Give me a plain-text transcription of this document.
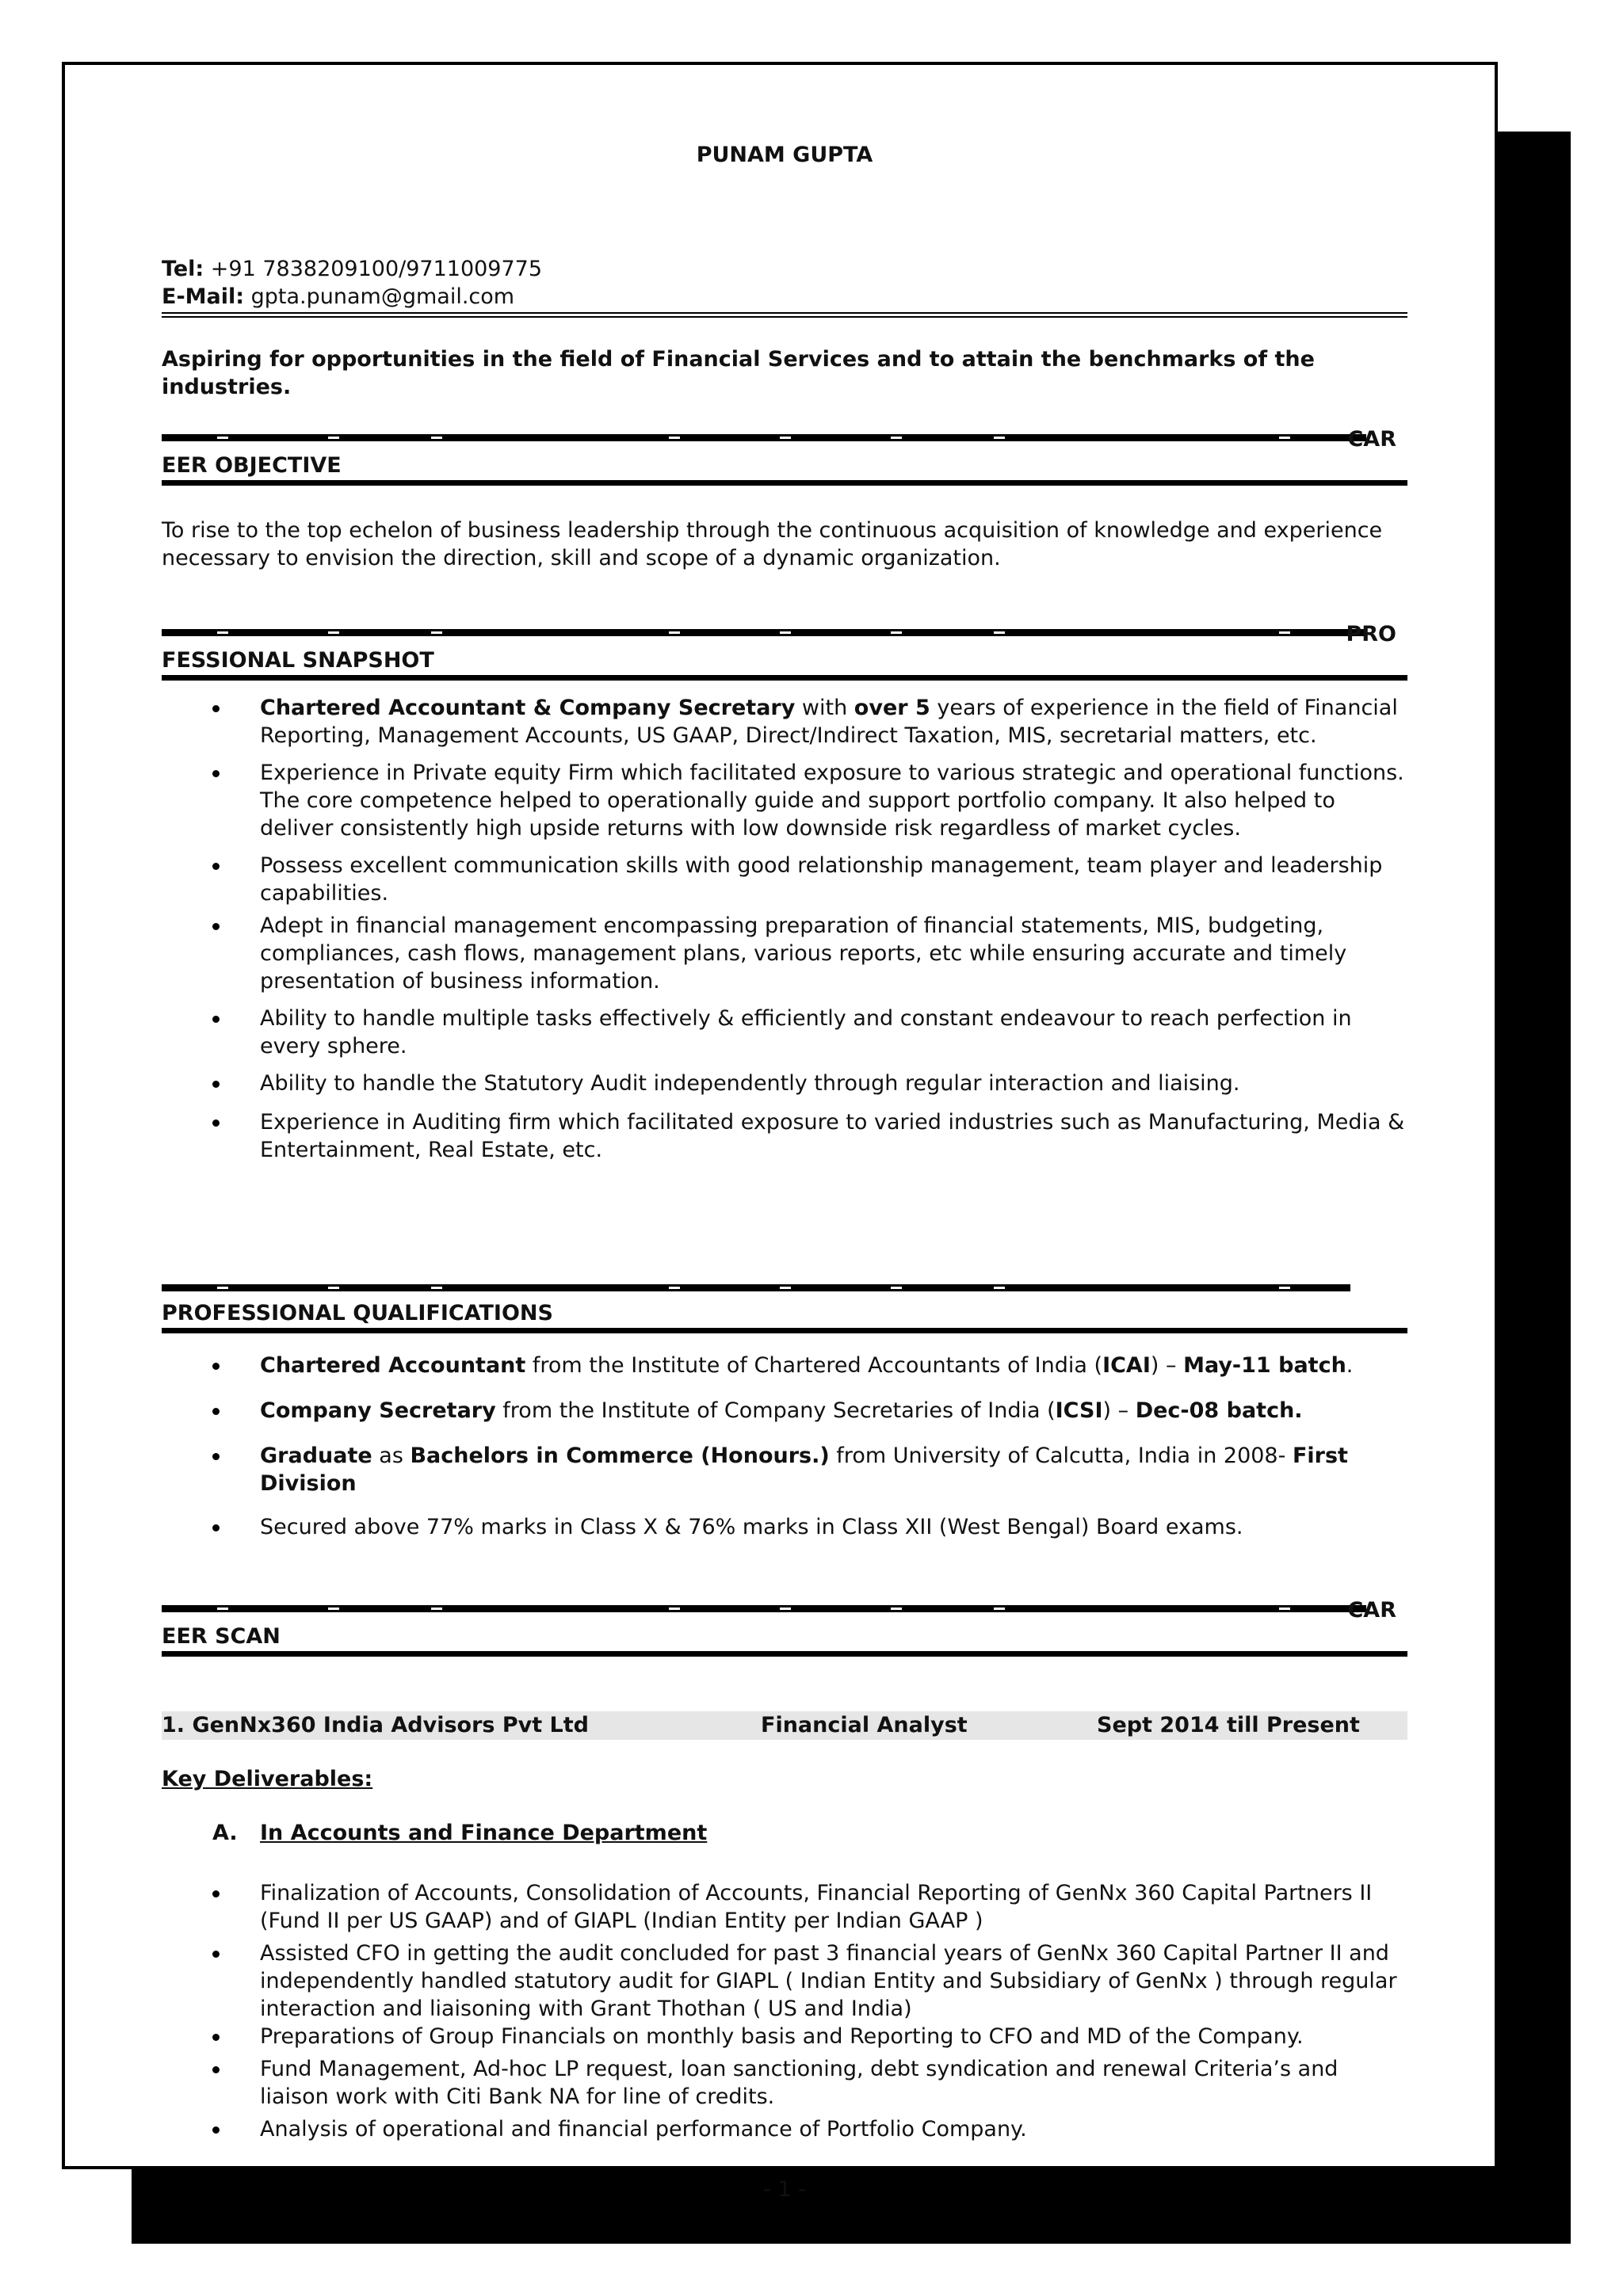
PUNAM GUPTA
Tel: +91 7838209100/9711009775
E-Mail: gpta.punam@gmail.com
Aspiring for opportunities in the field of Financial Services and to attain the benchmarks of the industries.
CAR
EER OBJECTIVE
To rise to the top echelon of business leadership through the continuous acquisition of knowledge and experience necessary to envision the direction, skill and scope of a dynamic organization.
PRO
FESSIONAL SNAPSHOT
Chartered Accountant & Company Secretary with over 5 years of experience in the field of Financial Reporting, Management Accounts, US GAAP, Direct/Indirect Taxation, MIS, secretarial matters, etc.
Experience in Private equity Firm which facilitated exposure to various strategic and operational functions. The core competence helped to operationally guide and support portfolio company. It also helped to deliver consistently high upside returns with low downside risk regardless of market cycles.
Possess excellent communication skills with good relationship management, team player and leadership capabilities.
Adept in financial management encompassing preparation of financial statements, MIS, budgeting, compliances, cash flows, management plans, various reports, etc while ensuring accurate and timely presentation of business information.
Ability to handle multiple tasks effectively & efficiently and constant endeavour to reach perfection in every sphere.
Ability to handle the Statutory Audit independently through regular interaction and liaising.
Experience in Auditing firm which facilitated exposure to varied industries such as Manufacturing, Media & Entertainment, Real Estate, etc.
PROFESSIONAL QUALIFICATIONS
Chartered Accountant from the Institute of Chartered Accountants of India (ICAI) – May-11 batch.
Company Secretary from the Institute of Company Secretaries of India (ICSI) – Dec-08 batch.
Graduate as Bachelors in Commerce (Honours.) from University of Calcutta, India in 2008- First Division
Secured above 77% marks in Class X & 76% marks in Class XII (West Bengal) Board exams.
CAR
EER SCAN
1. GenNx360 India Advisors Pvt Ltd	Financial Analyst	Sept 2014 till Present
Key Deliverables:
A. In Accounts and Finance Department
Finalization of Accounts, Consolidation of Accounts, Financial Reporting of GenNx 360 Capital Partners II (Fund II per US GAAP) and of GIAPL (Indian Entity per Indian GAAP )
Assisted CFO in getting the audit concluded for past 3 financial years of GenNx 360 Capital Partner II and independently handled statutory audit for GIAPL ( Indian Entity and Subsidiary of GenNx ) through regular interaction and liaisoning with Grant Thothan ( US and India)
Preparations of Group Financials on monthly basis and Reporting to CFO and MD of the Company.
Fund Management, Ad-hoc LP request, loan sanctioning, debt syndication and renewal Criteria’s and liaison work with Citi Bank NA for line of credits.
Analysis of operational and financial performance of Portfolio Company.
- 1 -
